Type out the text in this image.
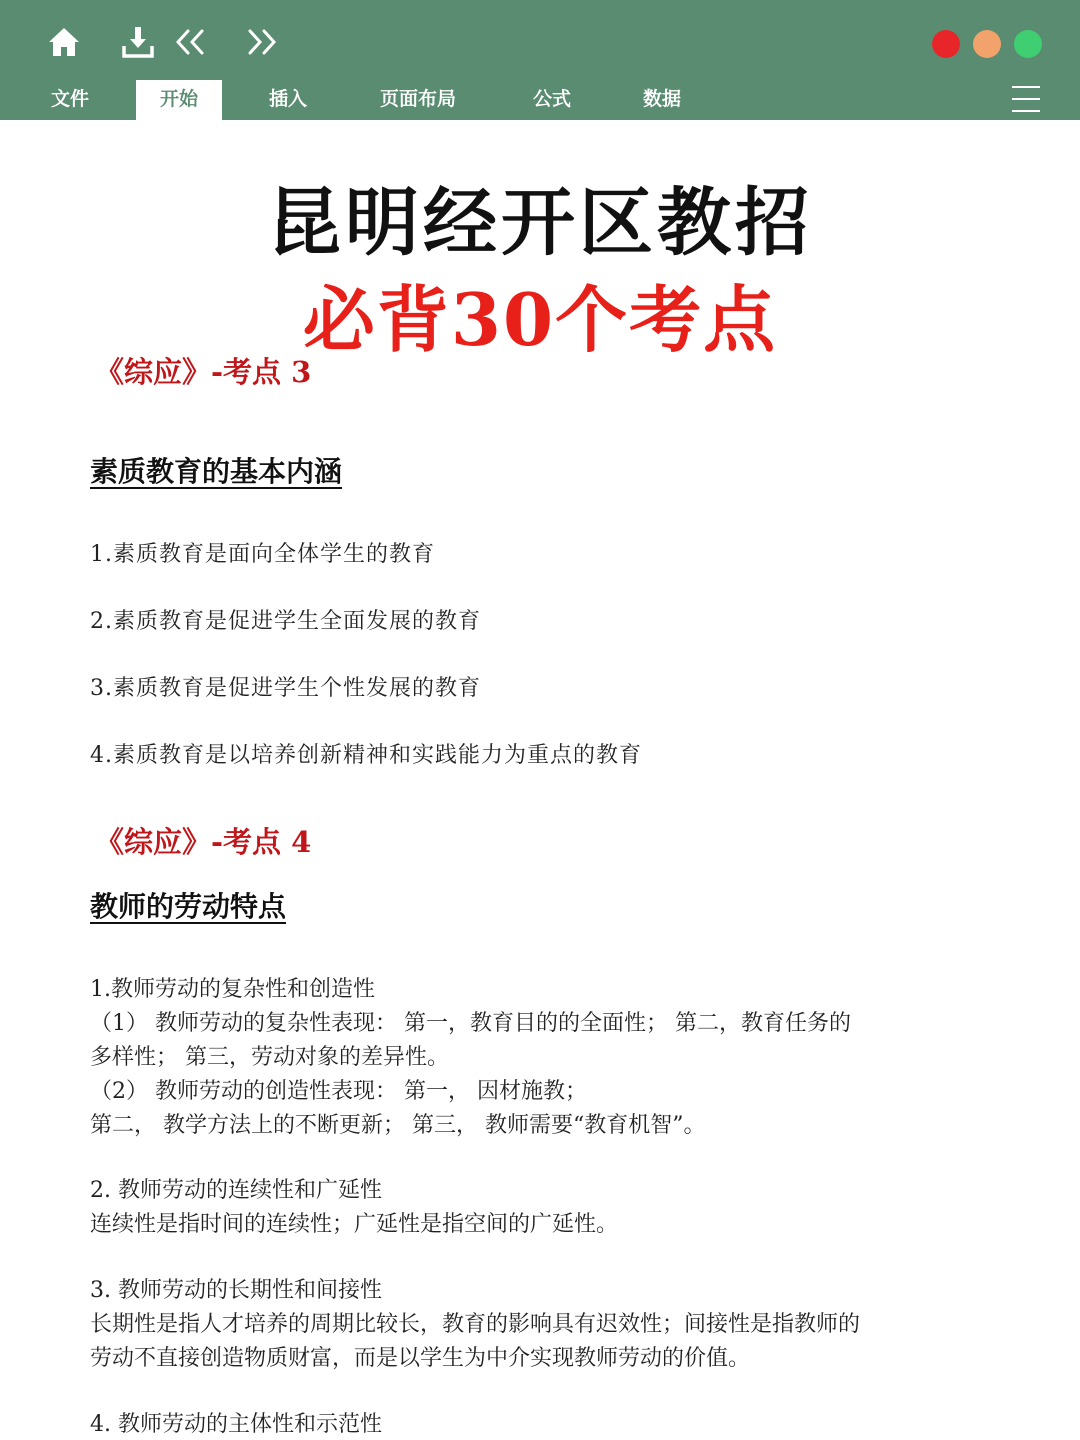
文件	开始	插入	页面布局	公式	数据
昆明经开区教招
必背30个考点
《综应》-考点 3
素质教育的基本内涵
1.素质教育是面向全体学生的教育
2.素质教育是促进学生全面发展的教育
3.素质教育是促进学生个性发展的教育
4.素质教育是以培养创新精神和实践能力为重点的教育
《综应》-考点 4
教师的劳动特点
1.教师劳动的复杂性和创造性
（1） 教师劳动的复杂性表现： 第一，教育目的的全面性； 第二，教育任务的
多样性； 第三，劳动对象的差异性。
（2） 教师劳动的创造性表现： 第一， 因材施教；
第二， 教学方法上的不断更新； 第三， 教师需要“教育机智”。
2. 教师劳动的连续性和广延性
连续性是指时间的连续性；广延性是指空间的广延性。
3. 教师劳动的长期性和间接性
长期性是指人才培养的周期比较长，教育的影响具有迟效性；间接性是指教师的
劳动不直接创造物质财富，而是以学生为中介实现教师劳动的价值。
4. 教师劳动的主体性和示范性
